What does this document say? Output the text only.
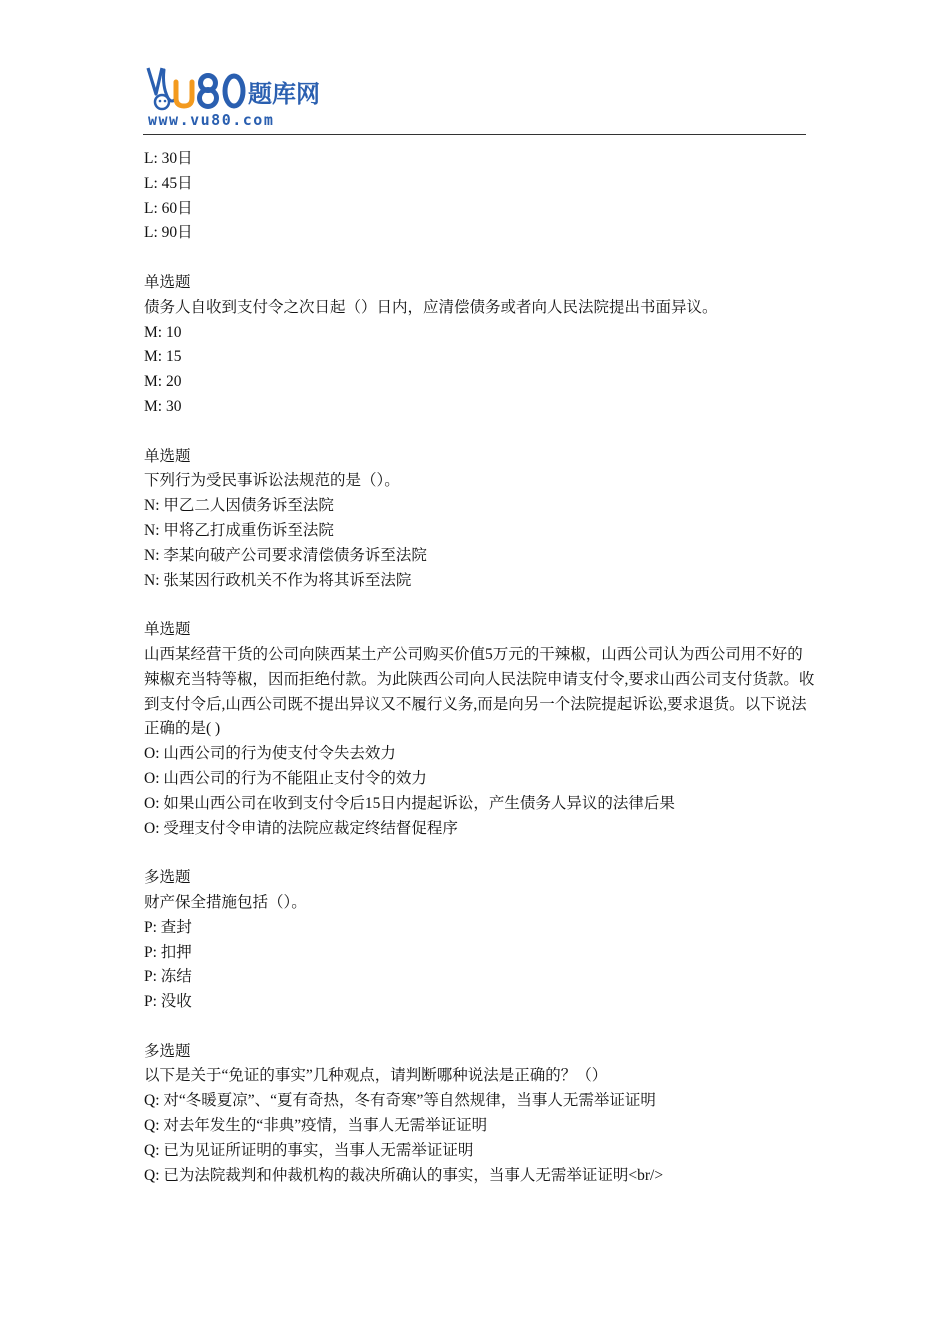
题库网
www.vu80.com
L: 30日
L: 45日
L: 60日
L: 90日
单选题
债务人自收到支付令之次日起（）日内，应清偿债务或者向人民法院提出书面异议。
M: 10
M: 15
M: 20
M: 30
单选题
下列行为受民事诉讼法规范的是（）。
N: 甲乙二人因债务诉至法院
N: 甲将乙打成重伤诉至法院
N: 李某向破产公司要求清偿债务诉至法院
N: 张某因行政机关不作为将其诉至法院
单选题
山西某经营干货的公司向陕西某土产公司购买价值5万元的干辣椒，山西公司认为西公司用不好的辣椒充当特等椒，因而拒绝付款。为此陕西公司向人民法院申请支付令,要求山西公司支付货款。收到支付令后,山西公司既不提出异议又不履行义务,而是向另一个法院提起诉讼,要求退货。以下说法正确的是( )
O: 山西公司的行为使支付令失去效力
O: 山西公司的行为不能阻止支付令的效力
O: 如果山西公司在收到支付令后15日内提起诉讼，产生债务人异议的法律后果
O: 受理支付令申请的法院应裁定终结督促程序
多选题
财产保全措施包括（）。
P: 查封
P: 扣押
P: 冻结
P: 没收
多选题
以下是关于“免证的事实”几种观点，请判断哪种说法是正确的？（）
Q: 对“冬暖夏凉”、“夏有奇热，冬有奇寒”等自然规律，当事人无需举证证明
Q: 对去年发生的“非典”疫情，当事人无需举证证明
Q: 已为见证所证明的事实，当事人无需举证证明
Q: 已为法院裁判和仲裁机构的裁决所确认的事实，当事人无需举证证明<br/>
